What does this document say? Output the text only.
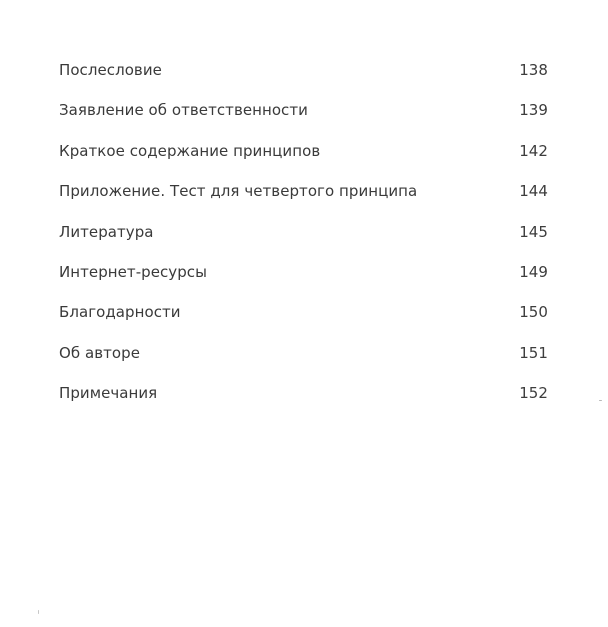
Послесловие	138
Заявление об ответственности	139
Краткое содержание принципов	142
Приложение. Тест для четвертого принципа	144
Литература	145
Интернет-ресурсы	149
Благодарности	150
Об авторе	151
Примечания	152
